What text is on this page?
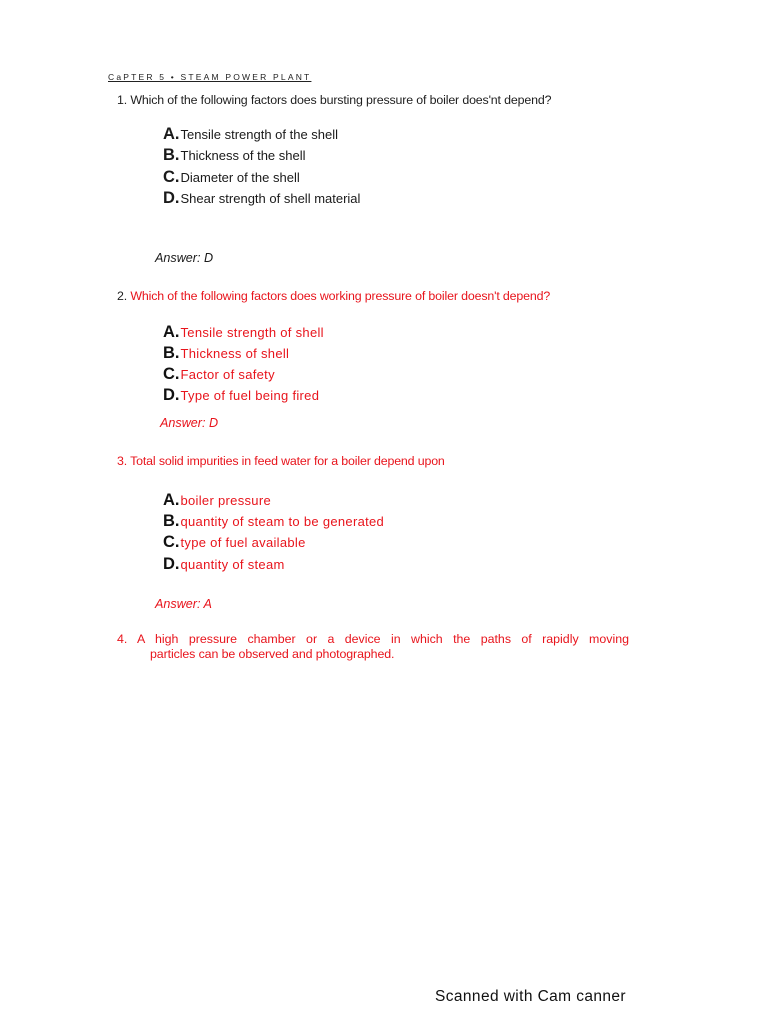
CaPTER 5 • STEAM POWER PLANT
1. Which of the following factors does bursting pressure of boiler does'nt depend?
A. Tensile strength of the shell
B. Thickness of the shell
C. Diameter of the shell
D. Shear strength of shell material
Answer: D
2. Which of the following factors does working pressure of boiler doesn't depend?
A. Tensile strength of shell
B. Thickness of shell
C. Factor of safety
D. Type of fuel being fired
Answer: D
3. Total solid impurities in feed water for a boiler depend upon
A. boiler pressure
B. quantity of steam to be generated
C. type of fuel available
D. quantity of steam
Answer: A
4. A high pressure chamber or a device in which the paths of rapidly moving
particles can be observed and photographed.
Scanned with Cam canner
